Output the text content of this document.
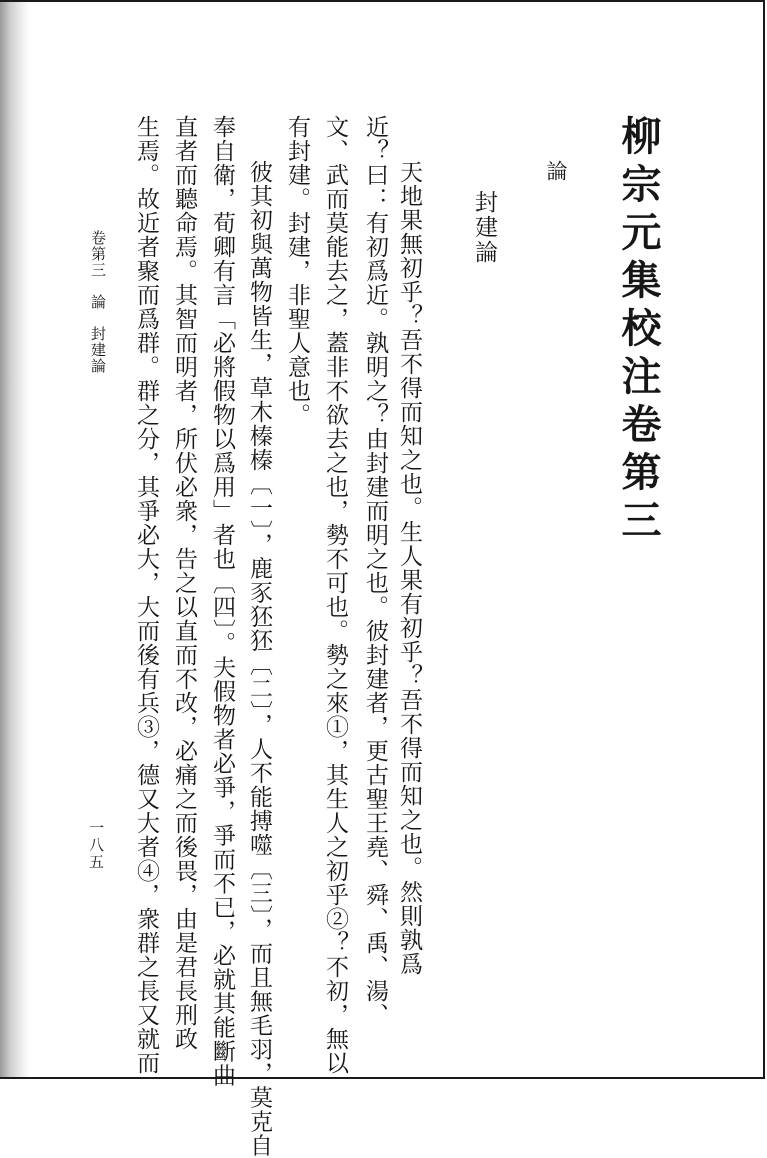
柳宗元集校注卷第三
論
封建論
天地果無初乎？吾不得而知之也。生人果有初乎？吾不得而知之也。然則孰爲
近？曰：有初爲近。孰明之？由封建而明之也。彼封建者，更古聖王堯、舜、禹、湯、
文、武而莫能去之，蓋非不欲去之也，勢不可也。勢之來①，其生人之初乎②？不初，無以
有封建。封建，非聖人意也。
彼其初與萬物皆生，草木榛榛〔一〕，鹿豕狉狉〔二〕，人不能搏噬〔三〕，而且無毛羽，莫克自
奉自衛，荀卿有言「必將假物以爲用」者也〔四〕。夫假物者必爭，爭而不已，必就其能斷曲
直者而聽命焉。其智而明者，所伏必衆，告之以直而不改，必痛之而後畏，由是君長刑政
生焉。故近者聚而爲群。群之分，其爭必大，大而後有兵③，德又大者④，衆群之長又就而
卷第三　論　封建論
一八五
